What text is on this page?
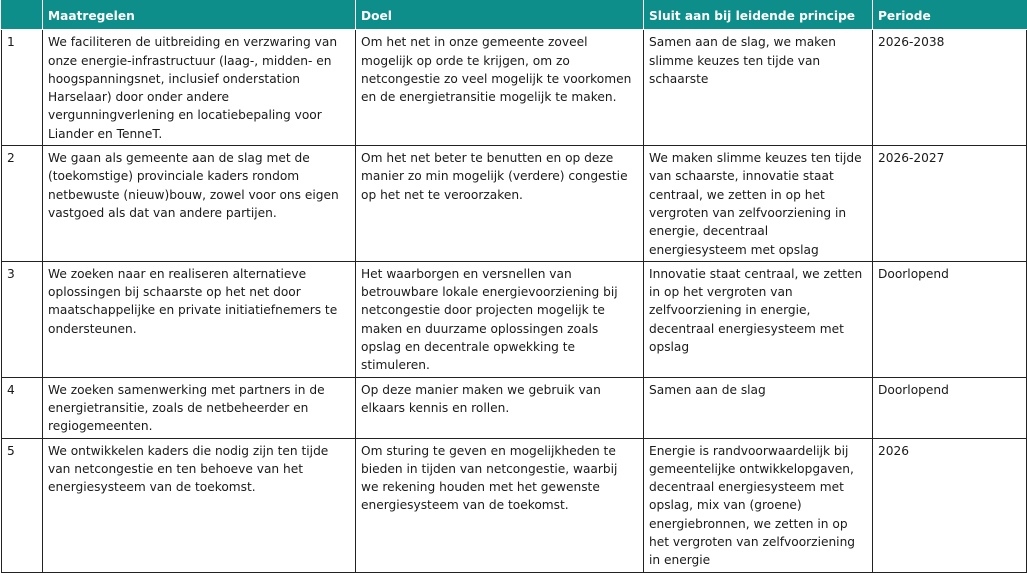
	Maatregelen	Doel	Sluit aan bij leidende principe	Periode
1	We faciliteren de uitbreiding en verzwaring van onze energie-infrastructuur (laag-, midden- en hoogspanningsnet, inclusief onderstation Harselaar) door onder andere vergunningverlening en locatiebepaling voor Liander en TenneT.	Om het net in onze gemeente zoveel mogelijk op orde te krijgen, om zo netcongestie zo veel mogelijk te voorkomen en de energietransitie mogelijk te maken.	Samen aan de slag, we maken slimme keuzes ten tijde van schaarste	2026-2038
2	We gaan als gemeente aan de slag met de (toekomstige) provinciale kaders rondom netbewuste (nieuw)bouw, zowel voor ons eigen vastgoed als dat van andere partijen.	Om het net beter te benutten en op deze manier zo min mogelijk (verdere) congestie op het net te veroorzaken.	We maken slimme keuzes ten tijde van schaarste, innovatie staat centraal, we zetten in op het vergroten van zelfvoorziening in energie, decentraal energiesysteem met opslag	2026-2027
3	We zoeken naar en realiseren alternatieve oplossingen bij schaarste op het net door maatschappelijke en private initiatiefnemers te ondersteunen.	Het waarborgen en versnellen van betrouwbare lokale energievoorziening bij netcongestie door projecten mogelijk te maken en duurzame oplossingen zoals opslag en decentrale opwekking te stimuleren.	Innovatie staat centraal, we zetten in op het vergroten van zelfvoorziening in energie, decentraal energiesysteem met opslag	Doorlopend
4	We zoeken samenwerking met partners in de energietransitie, zoals de netbeheerder en regiogemeenten.	Op deze manier maken we gebruik van elkaars kennis en rollen.	Samen aan de slag	Doorlopend
5	We ontwikkelen kaders die nodig zijn ten tijde van netcongestie en ten behoeve van het energiesysteem van de toekomst.	Om sturing te geven en mogelijkheden te bieden in tijden van netcongestie, waarbij we rekening houden met het gewenste energiesysteem van de toekomst.	Energie is randvoorwaardelijk bij gemeentelijke ontwikkelopgaven, decentraal energiesysteem met opslag, mix van (groene) energiebronnen, we zetten in op het vergroten van zelfvoorziening in energie	2026
